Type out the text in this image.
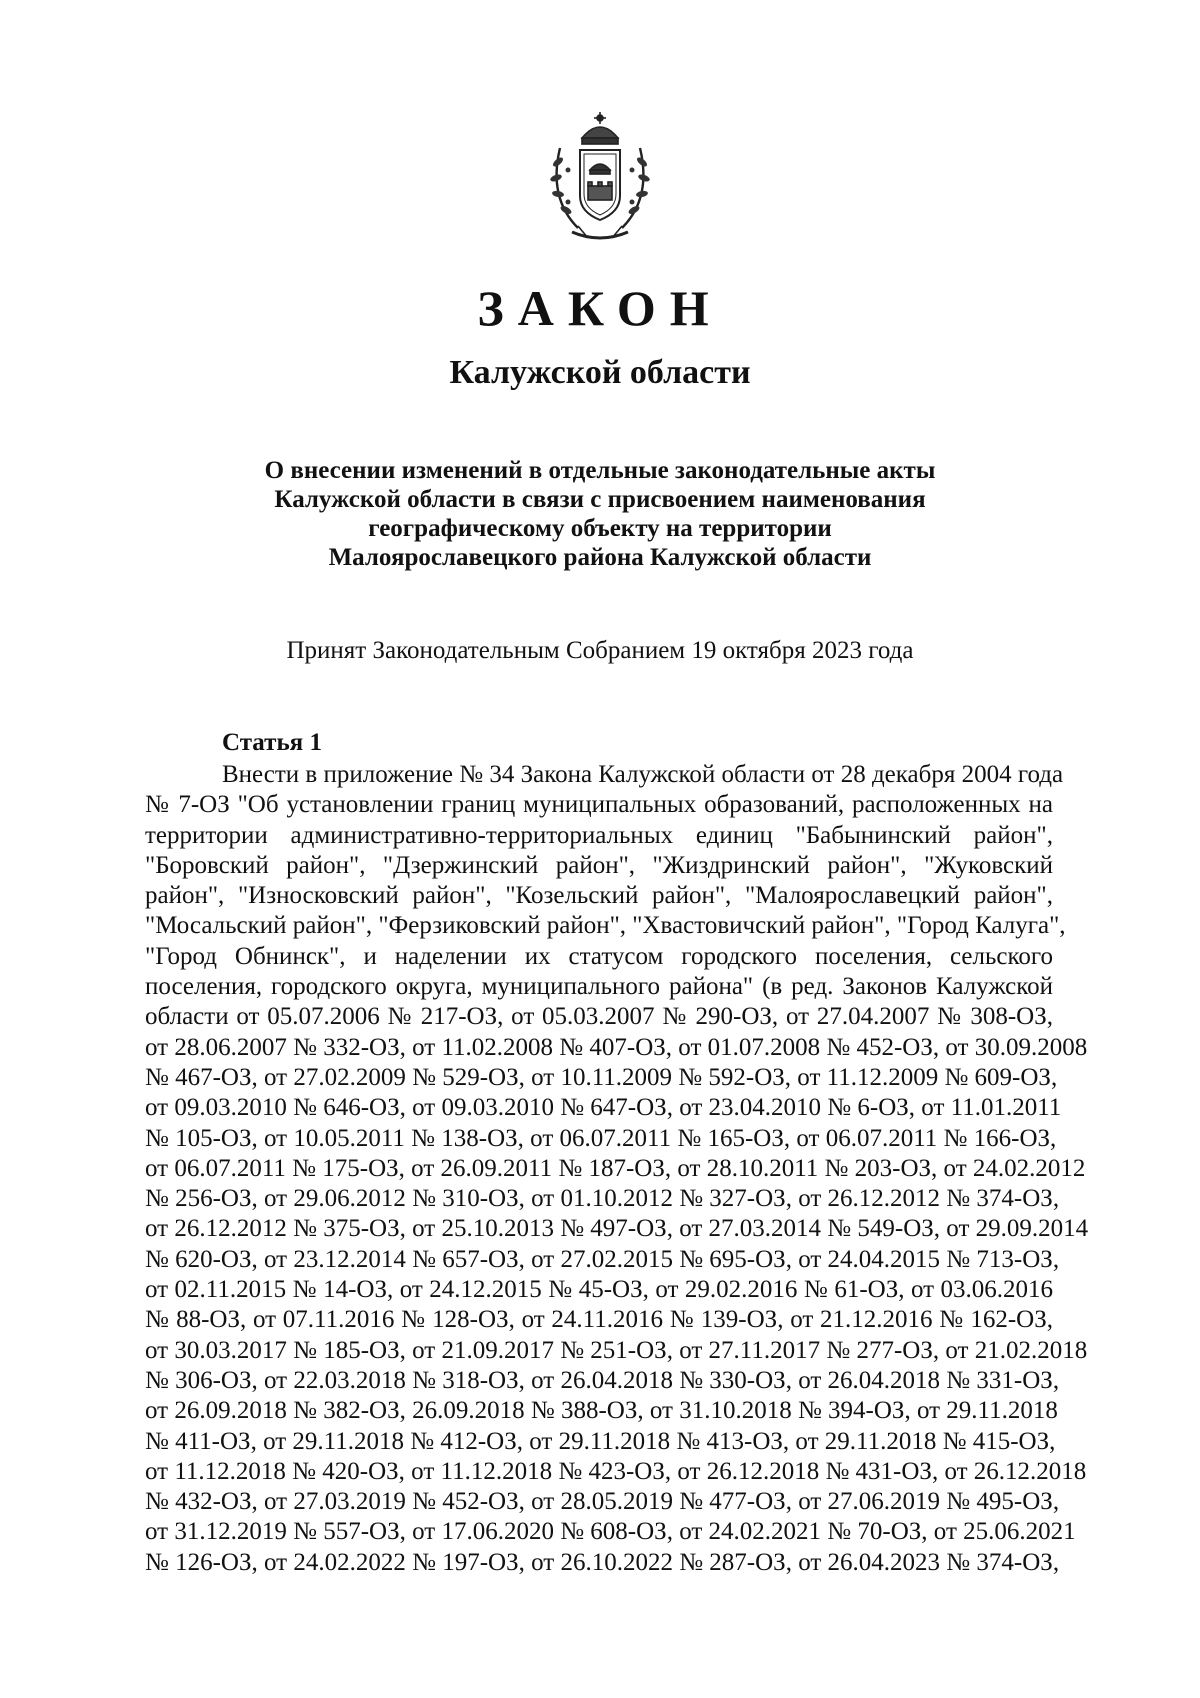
ЗАКОН
Калужской области
О внесении изменений в отдельные законодательные акты
Калужской области в связи с присвоением наименования
географическому объекту на территории
Малоярославецкого района Калужской области
Принят Законодательным Собранием 19 октября 2023 года
Статья 1
Внести в приложение № 34 Закона Калужской области от 28 декабря 2004 года
№ 7-ОЗ "Об установлении границ муниципальных образований, расположенных на
территории административно-территориальных единиц "Бабынинский район",
"Боровский район", "Дзержинский район", "Жиздринский район", "Жуковский
район", "Износковский район", "Козельский район", "Малоярославецкий район",
"Мосальский район", "Ферзиковский район", "Хвастовичский район", "Город Калуга",
"Город Обнинск", и наделении их статусом городского поселения, сельского
поселения, городского округа, муниципального района" (в ред. Законов Калужской
области от 05.07.2006 № 217-ОЗ, от 05.03.2007 № 290-ОЗ, от 27.04.2007 № 308-ОЗ,
от 28.06.2007 № 332-ОЗ, от 11.02.2008 № 407-ОЗ, от 01.07.2008 № 452-ОЗ, от 30.09.2008
№ 467-ОЗ, от 27.02.2009 № 529-ОЗ, от 10.11.2009 № 592-ОЗ, от 11.12.2009 № 609-ОЗ,
от 09.03.2010 № 646-ОЗ, от 09.03.2010 № 647-ОЗ, от 23.04.2010 № 6-ОЗ, от 11.01.2011
№ 105-ОЗ, от 10.05.2011 № 138-ОЗ, от 06.07.2011 № 165-ОЗ, от 06.07.2011 № 166-ОЗ,
от 06.07.2011 № 175-ОЗ, от 26.09.2011 № 187-ОЗ, от 28.10.2011 № 203-ОЗ, от 24.02.2012
№ 256-ОЗ, от 29.06.2012 № 310-ОЗ, от 01.10.2012 № 327-ОЗ, от 26.12.2012 № 374-ОЗ,
от 26.12.2012 № 375-ОЗ, от 25.10.2013 № 497-ОЗ, от 27.03.2014 № 549-ОЗ, от 29.09.2014
№ 620-ОЗ, от 23.12.2014 № 657-ОЗ, от 27.02.2015 № 695-ОЗ, от 24.04.2015 № 713-ОЗ,
от 02.11.2015 № 14-ОЗ, от 24.12.2015 № 45-ОЗ, от 29.02.2016 № 61-ОЗ, от 03.06.2016
№ 88-ОЗ, от 07.11.2016 № 128-ОЗ, от 24.11.2016 № 139-ОЗ, от 21.12.2016 № 162-ОЗ,
от 30.03.2017 № 185-ОЗ, от 21.09.2017 № 251-ОЗ, от 27.11.2017 № 277-ОЗ, от 21.02.2018
№ 306-ОЗ, от 22.03.2018 № 318-ОЗ, от 26.04.2018 № 330-ОЗ, от 26.04.2018 № 331-ОЗ,
от 26.09.2018 № 382-ОЗ, 26.09.2018 № 388-ОЗ, от 31.10.2018 № 394-ОЗ, от 29.11.2018
№ 411-ОЗ, от 29.11.2018 № 412-ОЗ, от 29.11.2018 № 413-ОЗ, от 29.11.2018 № 415-ОЗ,
от 11.12.2018 № 420-ОЗ, от 11.12.2018 № 423-ОЗ, от 26.12.2018 № 431-ОЗ, от 26.12.2018
№ 432-ОЗ, от 27.03.2019 № 452-ОЗ, от 28.05.2019 № 477-ОЗ, от 27.06.2019 № 495-ОЗ,
от 31.12.2019 № 557-ОЗ, от 17.06.2020 № 608-ОЗ, от 24.02.2021 № 70-ОЗ, от 25.06.2021
№ 126-ОЗ, от 24.02.2022 № 197-ОЗ, от 26.10.2022 № 287-ОЗ, от 26.04.2023 № 374-ОЗ,
